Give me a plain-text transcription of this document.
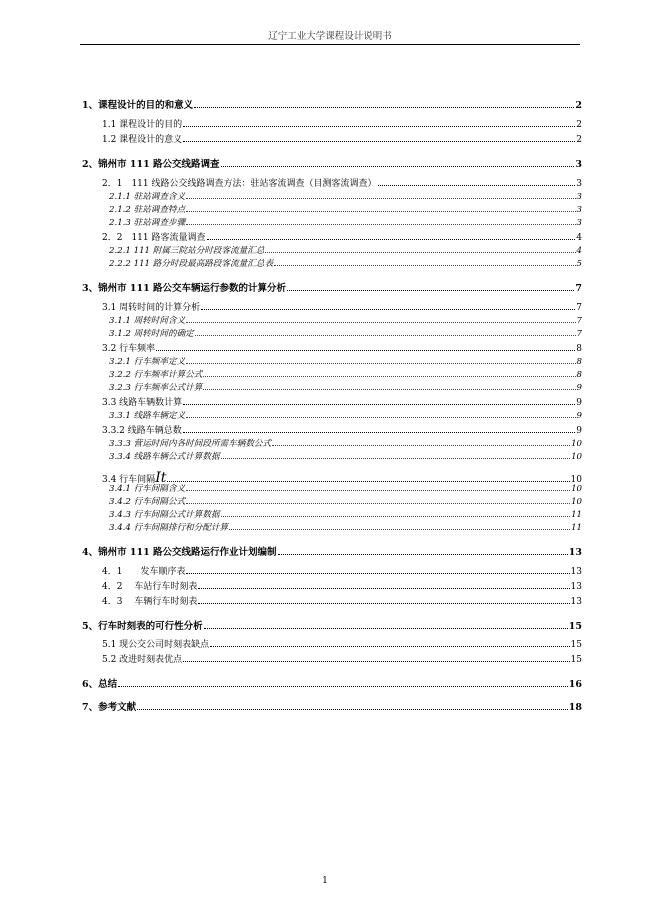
辽宁工业大学课程设计说明书
1、课程设计的目的和意义	2
1.1 课程设计的目的	2
1.2 课程设计的意义	2
2、锦州市 111 路公交线路调查	3
2．1　111 线路公交线路调查方法：驻站客流调查（目测客流调查）	3
2.1.1 驻站调查含义	3
2.1.2 驻站调查特点	3
2.1.3 驻站调查步骤	3
2．2　111 路客流量调查	4
2.2.1 111 附属三院站分时段客流量汇总	4
2.2.2 111 路分时段最高路段客流量汇总表	5
3、锦州市 111 路公交车辆运行参数的计算分析	7
3.1 周转时间的计算分析	7
3.1.1 周转时间含义	7
3.1.2 周转时间的确定	7
3.2 行车频率	8
3.2.1 行车频率定义	8
3.2.2 行车频率计算公式	8
3.2.3 行车频率公式计算	9
3.3 线路车辆数计算	9
3.3.1 线路车辆定义	9
3.3.2 线路车辆总数	9
3.3.3 营运时间内各时间段所需车辆数公式	10
3.3.4 线路车辆公式计算数据	10
3.4 行车间隔 It	10
3.4.1 行车间隔含义	10
3.4.2 行车间隔公式	10
3.4.3 行车间隔公式计算数据	11
3.4.4 行车间隔排行和分配计算	11
4、锦州市 111 路公交线路运行作业计划编制	13
4．1　　发车顺序表	13
4．2　 车站行车时刻表	13
4．3　 车辆行车时刻表	13
5、行车时刻表的可行性分析	15
5.1 现公交公司时刻表缺点	15
5.2 改进时刻表优点	15
6、总结	16
7、参考文献	18
1
